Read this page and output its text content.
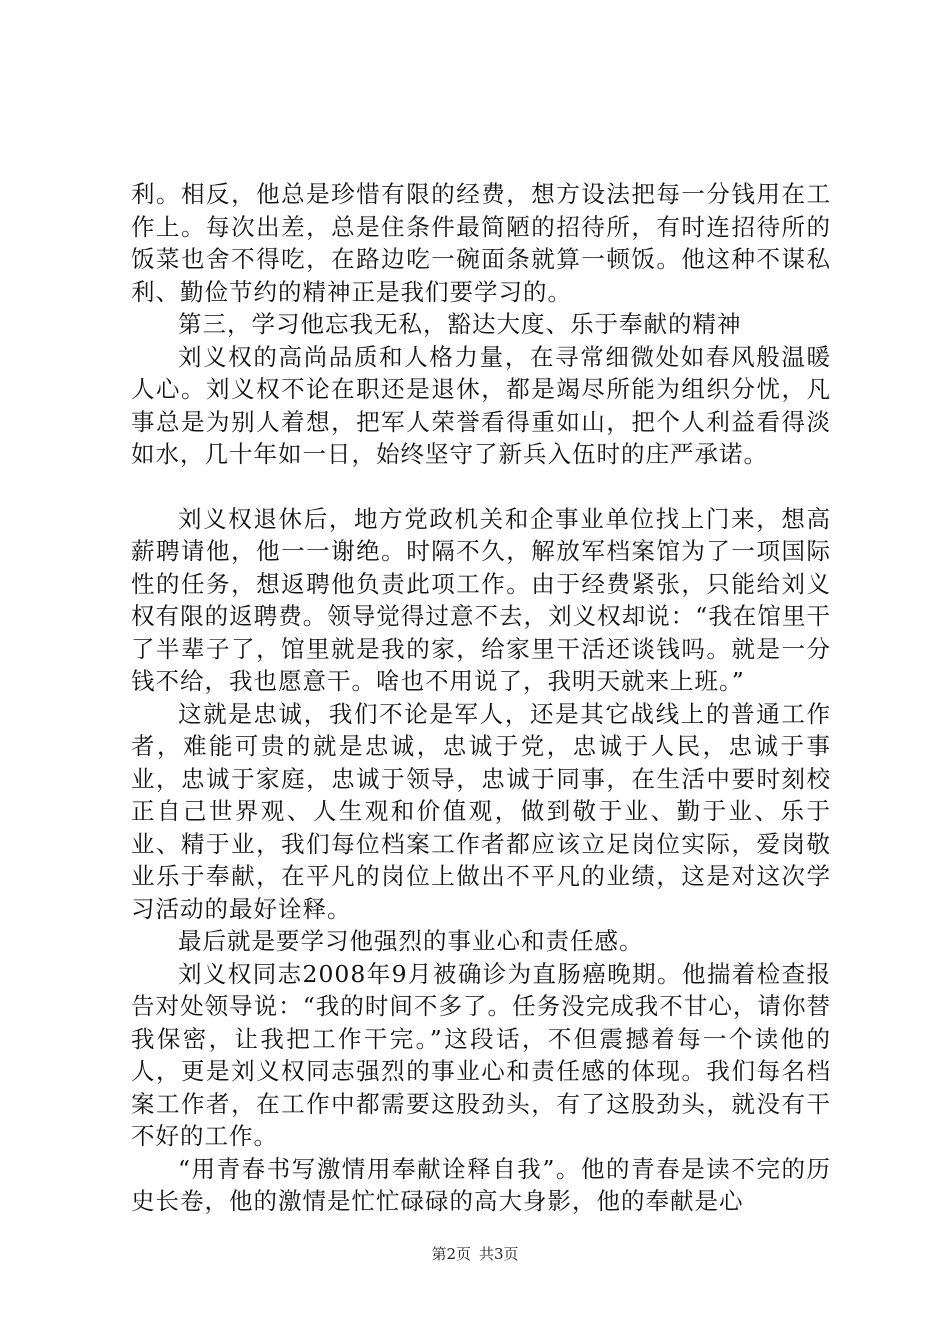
利。相反，他总是珍惜有限的经费，想方设法把每一分钱用在工作上。每次出差，总是住条件最简陋的招待所，有时连招待所的饭菜也舍不得吃，在路边吃一碗面条就算一顿饭。他这种不谋私利、勤俭节约的精神正是我们要学习的。

第三，学习他忘我无私，豁达大度、乐于奉献的精神

刘义权的高尚品质和人格力量，在寻常细微处如春风般温暖人心。刘义权不论在职还是退休，都是竭尽所能为组织分忧，凡事总是为别人着想，把军人荣誉看得重如山，把个人利益看得淡如水，几十年如一日，始终坚守了新兵入伍时的庄严承诺。

刘义权退休后，地方党政机关和企事业单位找上门来，想高薪聘请他，他一一谢绝。时隔不久，解放军档案馆为了一项国际性的任务，想返聘他负责此项工作。由于经费紧张，只能给刘义权有限的返聘费。领导觉得过意不去，刘义权却说：“我在馆里干了半辈子了，馆里就是我的家，给家里干活还谈钱吗。就是一分钱不给，我也愿意干。啥也不用说了，我明天就来上班。”

这就是忠诚，我们不论是军人，还是其它战线上的普通工作者，难能可贵的就是忠诚，忠诚于党，忠诚于人民，忠诚于事业，忠诚于家庭，忠诚于领导，忠诚于同事，在生活中要时刻校正自己世界观、人生观和价值观，做到敬于业、勤于业、乐于业、精于业，我们每位档案工作者都应该立足岗位实际，爱岗敬业乐于奉献，在平凡的岗位上做出不平凡的业绩，这是对这次学习活动的最好诠释。

最后就是要学习他强烈的事业心和责任感。

刘义权同志2008年9月被确诊为直肠癌晚期。他揣着检查报告对处领导说：“我的时间不多了。任务没完成我不甘心，请你替我保密，让我把工作干完。”这段话，不但震撼着每一个读他的人，更是刘义权同志强烈的事业心和责任感的体现。我们每名档案工作者，在工作中都需要这股劲头，有了这股劲头，就没有干不好的工作。

“用青春书写激情用奉献诠释自我”。他的青春是读不完的历史长卷，他的激情是忙忙碌碌的高大身影，他的奉献是心

第2页 共3页
